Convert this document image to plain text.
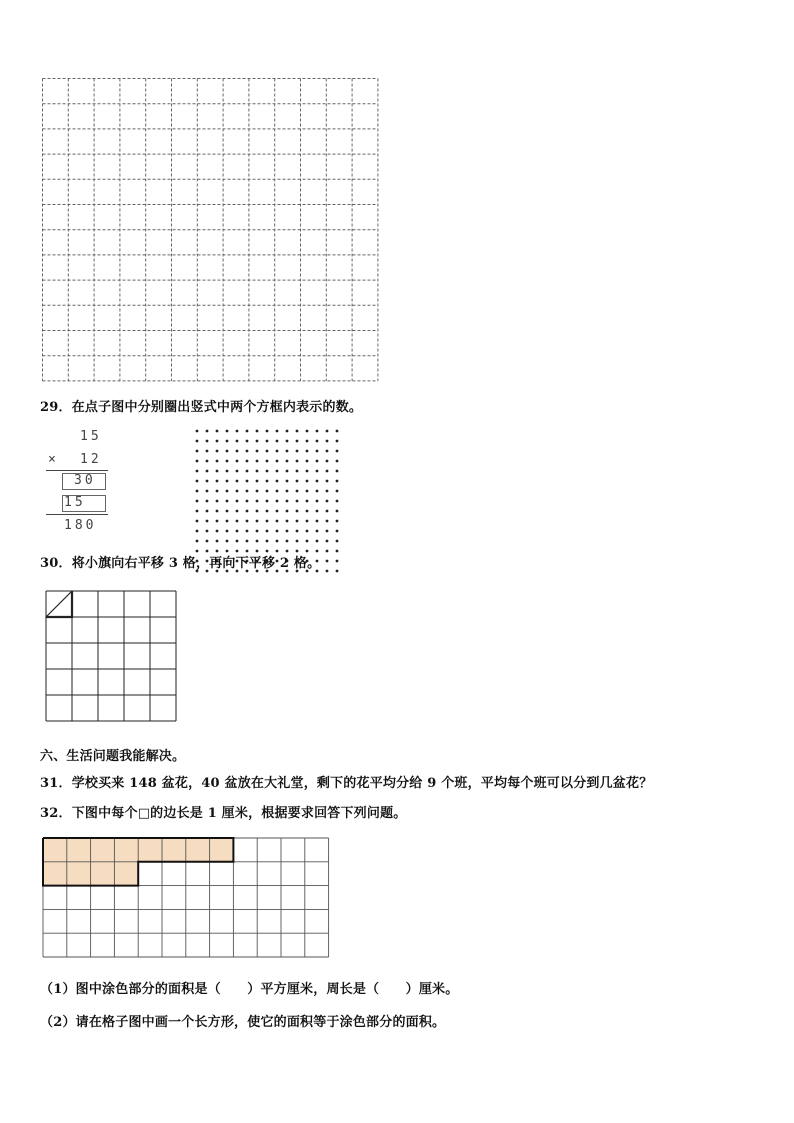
29．在点子图中分别圈出竖式中两个方框内表示的数。
15
× 12
30
15
180
30．将小旗向右平移 3 格，再向下平移 2 格。
六、生活问题我能解决。
31．学校买来 148 盆花，40 盆放在大礼堂，剩下的花平均分给 9 个班，平均每个班可以分到几盆花？
32．下图中每个□的边长是 1 厘米，根据要求回答下列问题。
（1）图中涂色部分的面积是（　　）平方厘米，周长是（　　）厘米。
（2）请在格子图中画一个长方形，使它的面积等于涂色部分的面积。
